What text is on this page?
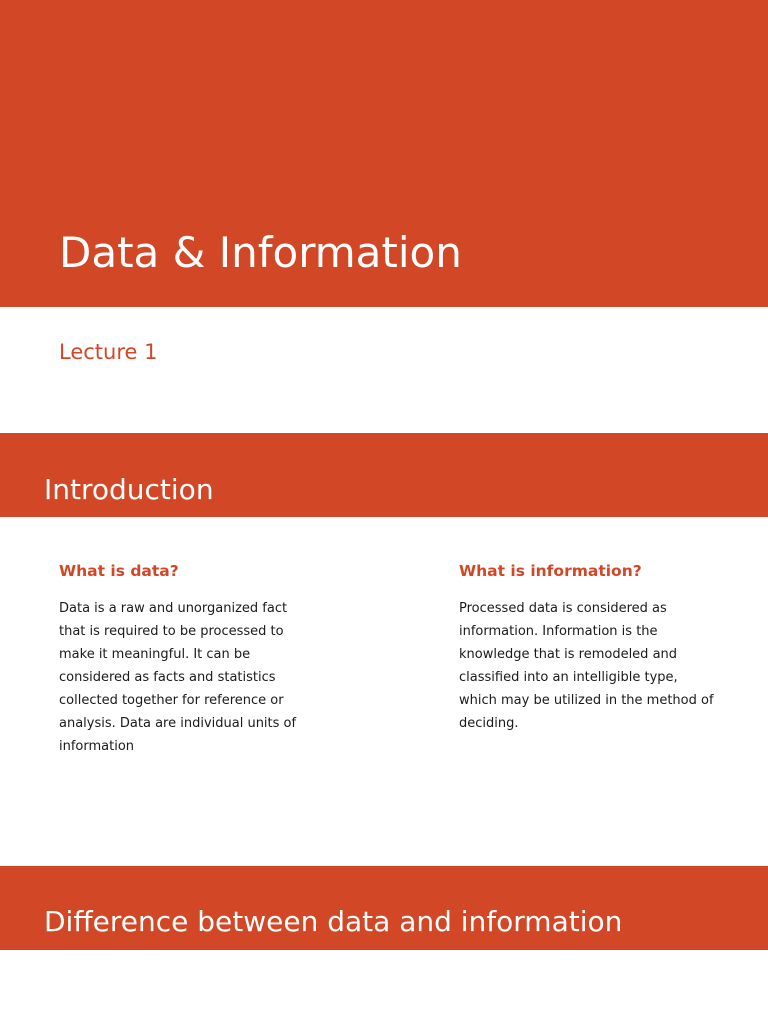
Data & Information
Lecture 1
Introduction
What is data?
Data is a raw and unorganized fact that is required to be processed to make it meaningful. It can be considered as facts and statistics collected together for reference or analysis. Data are individual units of information
What is information?
Processed data is considered as information. Information is the knowledge that is remodeled and classified into an intelligible type, which may be utilized in the method of deciding.
Difference between data and information
